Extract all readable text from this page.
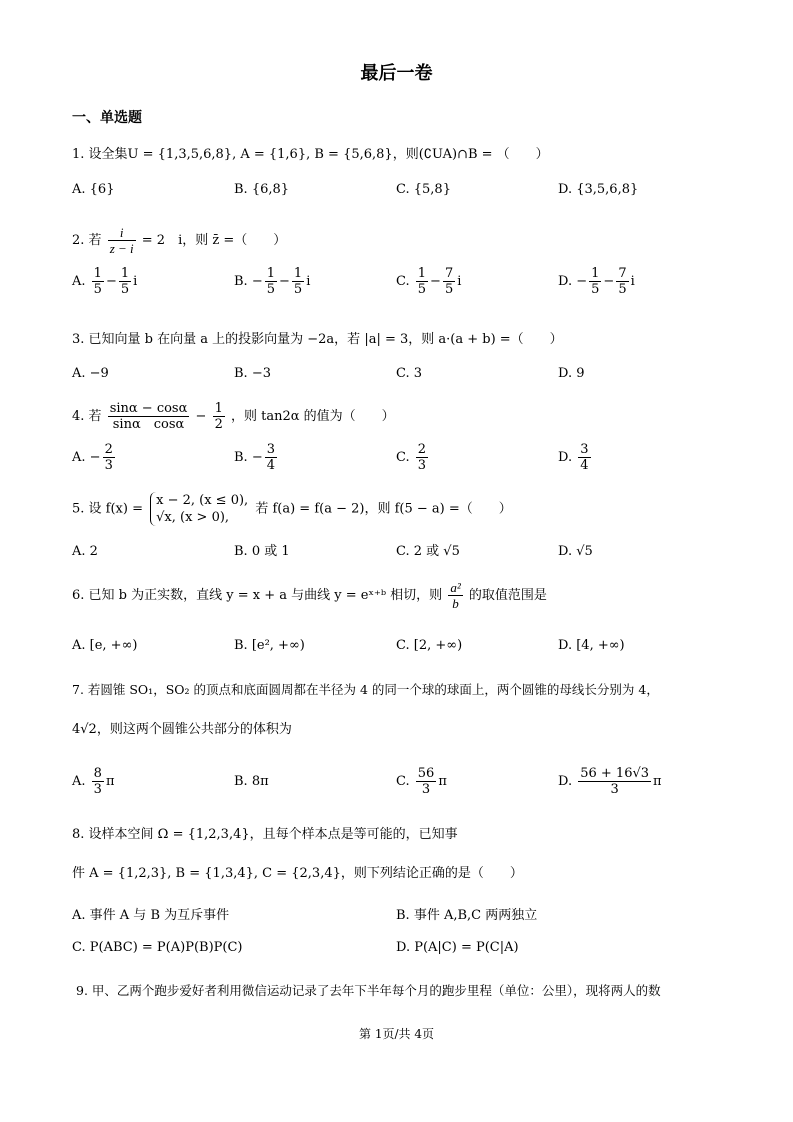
最后一卷
一、单选题
1. 设全集U = {1,3,5,6,8}, A = {1,6}, B = {5,6,8}，则(∁UA)∩B = （　　）
A. {6}	B. {6,8}	C. {5,8}	D. {3,5,6,8}
2. 若 $\frac{i}{z - i} = 2$　i，则 z̄ =（　　）
A. $\frac{1}{5} - \frac{1}{5}$ i	B. − $\frac{1}{5} - \frac{1}{5}$ i	C. $\frac{1}{5} - \frac{7}{5}$ i	D. − $\frac{1}{5} - \frac{7}{5}$ i
3. 已知向量 b 在向量 a 上的投影向量为 −2a，若 |a| = 3，则 a·(a + b) =（　　）
A. −9	B. −3	C. 3	D. 9
4. 若 $\frac{\sin\alpha - \cos\alpha}{\text{sinα　cosα}} - \frac{1}{2}$ ，则 tan2α 的值为（　　）
A. − $\frac{2}{3}$	B. − $\frac{3}{4}$	C. $\frac{2}{3}$	D. $\frac{3}{4}$
5. 设 f(x) =
x − 2, (x ≤ 0),
√x, (x > 0),
若 f(a) = f(a − 2)，则 f(5 − a) =（　　）
A. 2	B. 0 或 1	C. 2 或 √5	D. √5
6. 已知 b 为正实数，直线 y = x + a 与曲线 y = eˣ⁺ᵇ 相切，则 $\frac{\text{a²}}{b}$ 的取值范围是
A. [e, +∞)	B. [e², +∞)	C. [2, +∞)	D. [4, +∞)
7. 若圆锥 SO₁，SO₂ 的顶点和底面圆周都在半径为 4 的同一个球的球面上，两个圆锥的母线长分别为 4，
4√2，则这两个圆锥公共部分的体积为
A. $\frac{8}{3}$ π	B. 8π	C. $\frac{56}{3}$ π	D. $\frac{56 + 16√3}{3}$ π
8. 设样本空间 Ω = {1,2,3,4}，且每个样本点是等可能的，已知事
件 A = {1,2,3}, B = {1,3,4}, C = {2,3,4}，则下列结论正确的是（　　）
A. 事件 A 与 B 为互斥事件	B. 事件 A,B,C 两两独立
C. P(ABC) = P(A)P(B)P(C)	D. P(A|C) = P(C|A)
9. 甲、乙两个跑步爱好者利用微信运动记录了去年下半年每个月的跑步里程（单位：公里），现将两人的数
第 1页/共 4页
